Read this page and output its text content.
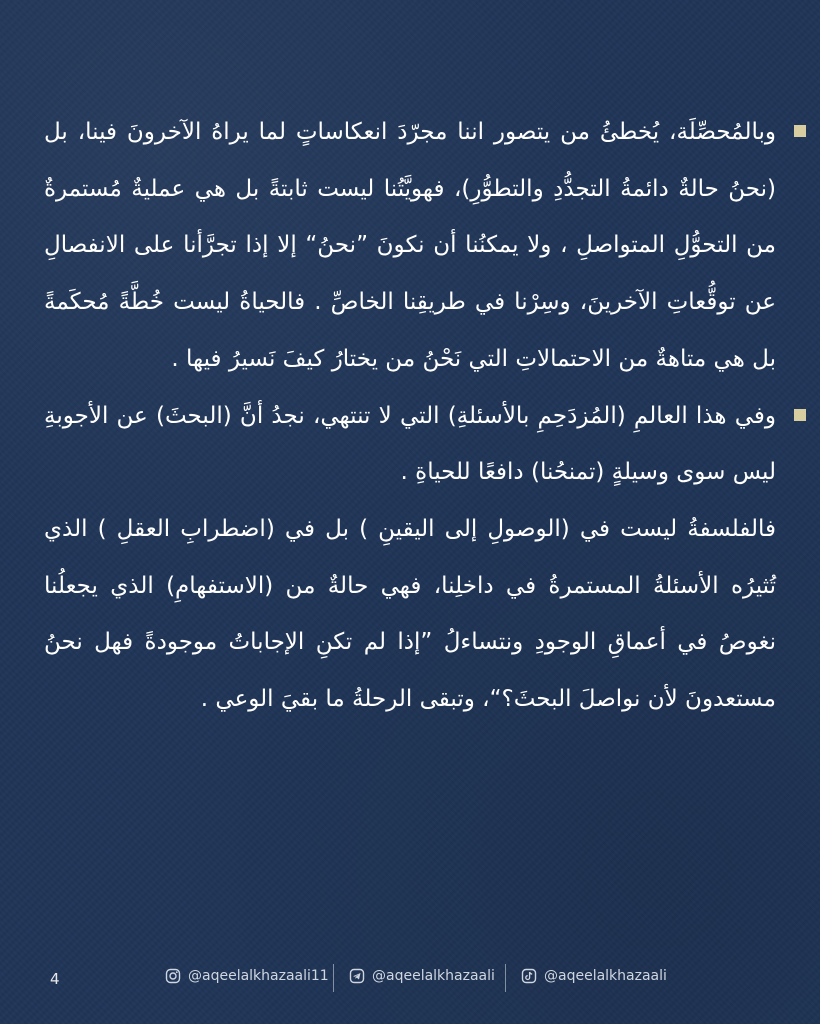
وبالمُحصِّلَة، يُخطئُ من يتصور اننا مجرّدَ انعكاساتٍ لما يراهُ الآخرونَ فينا، بل (نحنُ حالةٌ دائمةُ التجدُّدِ والتطوُّرِ)، فهويَّتُنا ليست ثابتةً بل هي عمليةٌ مُستمرةٌ من التحوُّلِ المتواصلِ ، ولا يمكنُنا أن نكونَ ”نحنُ“ إلا إذا تجرَّأنا على الانفصالِ عن توقُّعاتِ الآخرينَ، وسِرْنا في طريقِنا الخاصِّ . فالحياةُ ليست خُطَّةً مُحكَمةً بل هي متاهةٌ من الاحتمالاتِ التي نَحْنُ من يختارُ كيفَ نَسيرُ فيها .

وفي هذا العالمِ (المُزدَحِمِ بالأسئلةِ) التي لا تنتهي، نجدُ أنَّ (البحثَ) عن الأجوبةِ ليس سوى وسيلةٍ (تمنحُنا) دافعًا للحياةِ .

فالفلسفةُ ليست في (الوصولِ إلى اليقينِ ) بل في (اضطرابِ العقلِ ) الذي تُثيرُه الأسئلةُ المستمرةُ في داخلِنا، فهي حالةٌ من (الاستفهامِ) الذي يجعلُنا نغوصُ في أعماقِ الوجودِ ونتساءلُ ”إذا لم تكنِ الإجاباتُ موجودةً فهل نحنُ مستعدونَ لأن نواصلَ البحثَ؟“، وتبقى الرحلةُ ما بقيَ الوعي .

4	@aqeelalkhazaali11	@aqeelalkhazaali	@aqeelalkhazaali
